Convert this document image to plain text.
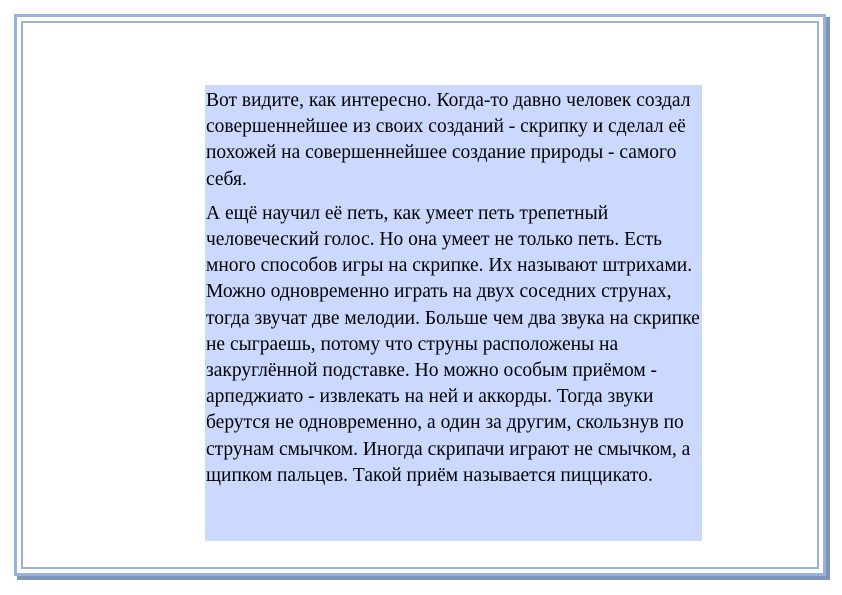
Вот видите, как интересно. Когда-то давно человек создал совершеннейшее из своих созданий - скрипку и сделал её похожей на совершеннейшее создание природы - самого себя.

А ещё научил её петь, как умеет петь трепетный человеческий голос. Но она умеет не только петь. Есть много способов игры на скрипке. Их называют штрихами. Можно одновременно играть на двух соседних струнах, тогда звучат две мелодии. Больше чем два звука на скрипке не сыграешь, потому что струны расположены на закруглённой подставке. Но можно особым приёмом - арпеджиато - извлекать на ней и аккорды. Тогда звуки берутся не одновременно, а один за другим, скользнув по струнам смычком. Иногда скрипачи играют не смычком, а щипком пальцев. Такой приём называется пиццикато.
